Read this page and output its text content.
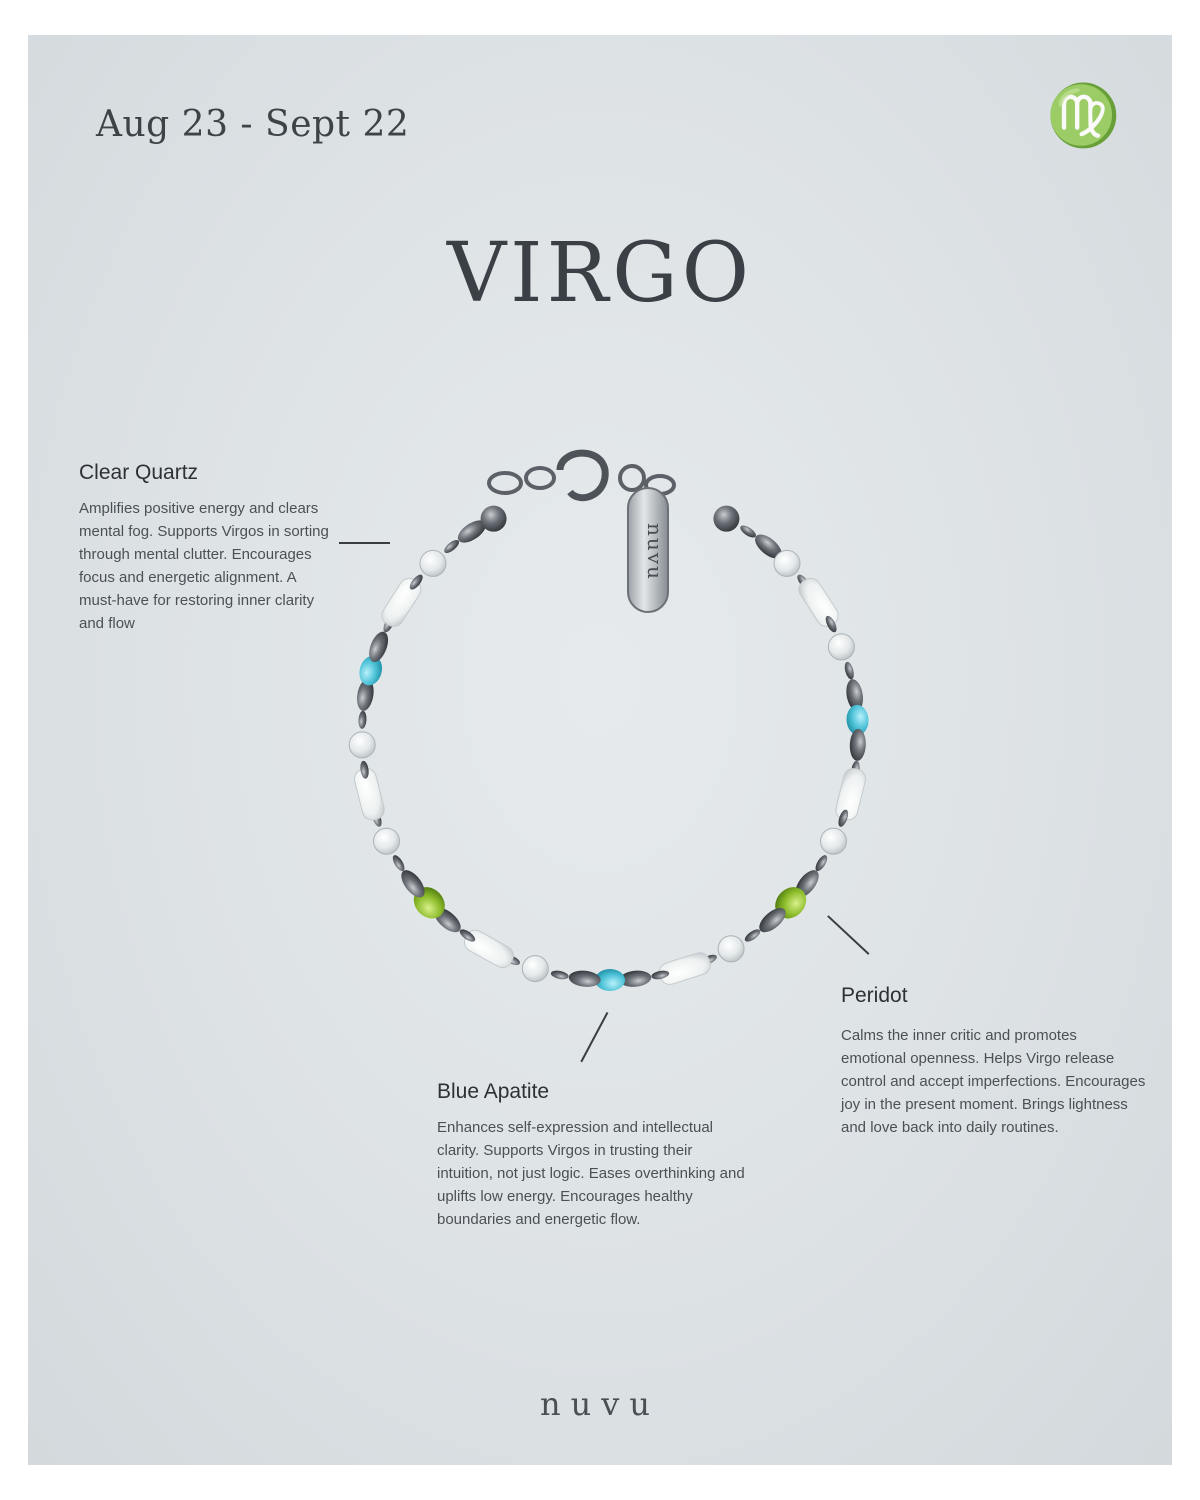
Aug 23 - Sept 22	♍
VIRGO
nuvu
Clear Quartz
Amplifies positive energy and clears mental fog. Supports Virgos in sorting through mental clutter. Encourages focus and energetic alignment. A must-have for restoring inner clarity and flow
Blue Apatite
Enhances self-expression and intellectual clarity. Supports Virgos in trusting their intuition, not just logic. Eases overthinking and uplifts low energy. Encourages healthy boundaries and energetic flow.
Peridot
Calms the inner critic and promotes emotional openness. Helps Virgo release control and accept imperfections. Encourages joy in the present moment. Brings lightness and love back into daily routines.
nuvu
